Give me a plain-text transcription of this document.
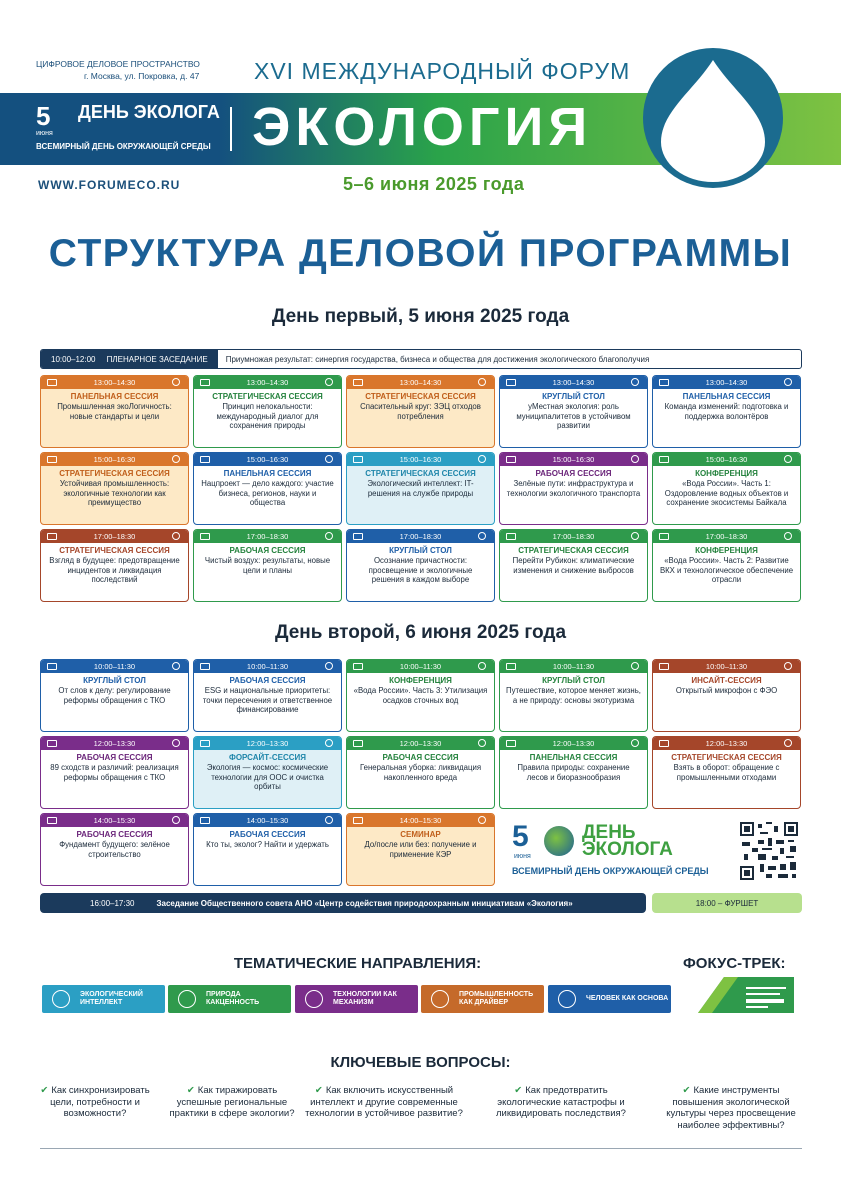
ЦИФРОВОЕ ДЕЛОВОЕ ПРОСТРАНСТВО
г. Москва, ул. Покровка, д. 47 XVI МЕЖДУНАРОДНЫЙ ФОРУМ
5
июня
ДЕНЬ ЭКОЛОГА
ВСЕМИРНЫЙ ДЕНЬ ОКРУЖАЮЩЕЙ СРЕДЫ ЭКОЛОГИЯ
WWW.FORUMECO.RU	5–6 июня 2025 года
СТРУКТУРА ДЕЛОВОЙ ПРОГРАММЫ
День первый, 5 июня 2025 года
10:00–12:00
ПЛЕНАРНОЕ ЗАСЕДАНИЕ	Приумножая результат: синергия государства, бизнеса и общества для достижения экологического благополучия
13:00–14:30
ПАНЕЛЬНАЯ СЕССИЯ
Промышленная экоЛогичность: новые стандарты и цели
13:00–14:30
СТРАТЕГИЧЕСКАЯ СЕССИЯ
Принцип нелокальности: международный диалог для сохранения природы
13:00–14:30
СТРАТЕГИЧЕСКАЯ СЕССИЯ
Спасительный круг: ЗЭЦ отходов потребления
13:00–14:30
КРУГЛЫЙ СТОЛ
уМестная экология: роль муниципалитетов в устойчивом развитии
13:00–14:30
ПАНЕЛЬНАЯ СЕССИЯ
Команда изменений: подготовка и поддержка волонтёров
15:00–16:30
СТРАТЕГИЧЕСКАЯ СЕССИЯ
Устойчивая промышленность: экологичные технологии как преимущество
15:00–16:30
ПАНЕЛЬНАЯ СЕССИЯ
Нацпроект — дело каждого: участие бизнеса, регионов, науки и общества
15:00–16:30
СТРАТЕГИЧЕСКАЯ СЕССИЯ
Экологический интеллект: IT-решения на службе природы
15:00–16:30
РАБОЧАЯ СЕССИЯ
Зелёные пути: инфраструктура и технологии экологичного транспорта
15:00–16:30
КОНФЕРЕНЦИЯ
«Вода России». Часть 1: Оздоровление водных объектов и сохранение экосистемы Байкала
17:00–18:30
СТРАТЕГИЧЕСКАЯ СЕССИЯ
Взгляд в будущее: предотвращение инцидентов и ликвидация последствий
17:00–18:30
РАБОЧАЯ СЕССИЯ
Чистый воздух: результаты, новые цели и планы
17:00–18:30
КРУГЛЫЙ СТОЛ
Осознание причастности: просвещение и экологичные решения в каждом выборе
17:00–18:30
СТРАТЕГИЧЕСКАЯ СЕССИЯ
Перейти Рубикон: климатические изменения и снижение выбросов
17:00–18:30
КОНФЕРЕНЦИЯ
«Вода России». Часть 2: Развитие ВКХ и технологическое обеспечение отрасли
День второй, 6 июня 2025 года
10:00–11:30
КРУГЛЫЙ СТОЛ
От слов к делу: регулирование реформы обращения с ТКО
10:00–11:30
РАБОЧАЯ СЕССИЯ
ESG и национальные приоритеты: точки пересечения и ответственное финансирование
10:00–11:30
КОНФЕРЕНЦИЯ
«Вода России». Часть 3: Утилизация осадков сточных вод
10:00–11:30
КРУГЛЫЙ СТОЛ
Путешествие, которое меняет жизнь, а не природу: основы экотуризма
10:00–11:30
ИНСАЙТ-СЕССИЯ
Открытый микрофон с ФЭО
12:00–13:30
РАБОЧАЯ СЕССИЯ
89 сходств и различий: реализация реформы обращения с ТКО
12:00–13:30
ФОРСАЙТ-СЕССИЯ
Экология — космос: космические технологии для ООС и очистка орбиты
12:00–13:30
РАБОЧАЯ СЕССИЯ
Генеральная уборка: ликвидация накопленного вреда
12:00–13:30
ПАНЕЛЬНАЯ СЕССИЯ
Правила природы: сохранение лесов и биоразнообразия
12:00–13:30
СТРАТЕГИЧЕСКАЯ СЕССИЯ
Взять в оборот: обращение с промышленными отходами
14:00–15:30
РАБОЧАЯ СЕССИЯ
Фундамент будущего: зелёное строительство
14:00–15:30
РАБОЧАЯ СЕССИЯ
Кто ты, эколог? Найти и удержать
14:00–15:30
СЕМИНАР
До/после или без: получение и применение КЭР
5
июня
ДЕНЬ ЭКОЛОГА
ВСЕМИРНЫЙ ДЕНЬ ОКРУЖАЮЩЕЙ СРЕДЫ
16:00–17:30	Заседание Общественного совета АНО «Центр содействия природоохранным инициативам «Экология»	18:00 – ФУРШЕТ
ТЕМАТИЧЕСКИЕ НАПРАВЛЕНИЯ:	ФОКУС-ТРЕК:
ЭКОЛОГИЧЕСКИЙ ИНТЕЛЛЕКТ
ПРИРОДА КАКЦЕННОСТЬ
ТЕХНОЛОГИИ КАК МЕХАНИЗМ
ПРОМЫШЛЕННОСТЬ КАК ДРАЙВЕР
ЧЕЛОВЕК КАК ОСНОВА
КЛЮЧЕВЫЕ ВОПРОСЫ:
✔ Как синхронизировать цели, потребности и возможности?
✔ Как тиражировать успешные региональные практики в сфере экологии?
✔ Как включить искусственный интеллект и другие современные технологии в устойчивое развитие?
✔ Как предотвратить экологические катастрофы и ликвидировать последствия?
✔ Какие инструменты повышения экологической культуры через просвещение наиболее эффективны?
